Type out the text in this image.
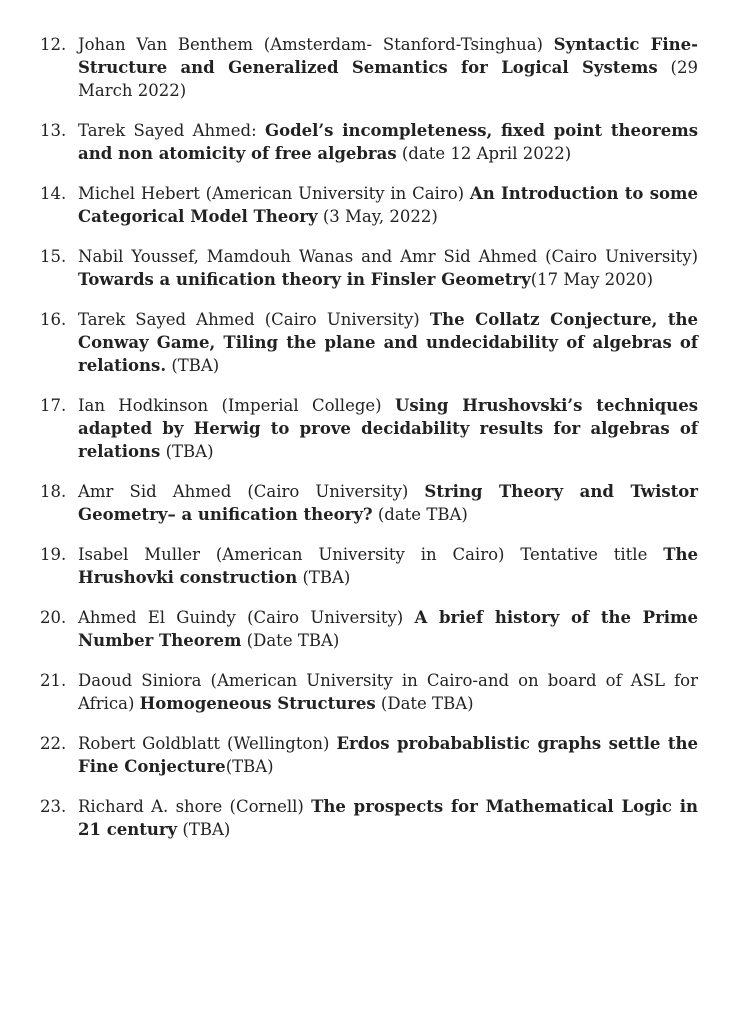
12. Johan Van Benthem (Amsterdam- Stanford-Tsinghua) Syntactic Fine-Structure and Generalized Semantics for Logical Systems (29 March 2022)

13. Tarek Sayed Ahmed: Godel’s incompleteness, fixed point theorems and non atomicity of free algebras (date 12 April 2022)

14. Michel Hebert (American University in Cairo) An Introduction to some Categorical Model Theory (3 May, 2022)

15. Nabil Youssef, Mamdouh Wanas and Amr Sid Ahmed (Cairo University) Towards a unification theory in Finsler Geometry(17 May 2020)

16. Tarek Sayed Ahmed (Cairo University) The Collatz Conjecture, the Conway Game, Tiling the plane and undecidability of algebras of relations. (TBA)

17. Ian Hodkinson (Imperial College) Using Hrushovski’s techniques adapted by Herwig to prove decidability results for algebras of relations (TBA)

18. Amr Sid Ahmed (Cairo University) String Theory and Twistor Geometry– a unification theory? (date TBA)

19. Isabel Muller (American University in Cairo) Tentative title The Hrushovki construction (TBA)

20. Ahmed El Guindy (Cairo University) A brief history of the Prime Number Theorem (Date TBA)

21. Daoud Siniora (American University in Cairo-and on board of ASL for Africa) Homogeneous Structures (Date TBA)

22. Robert Goldblatt (Wellington) Erdos probabablistic graphs settle the Fine Conjecture(TBA)

23. Richard A. shore (Cornell) The prospects for Mathematical Logic in 21 century (TBA)
